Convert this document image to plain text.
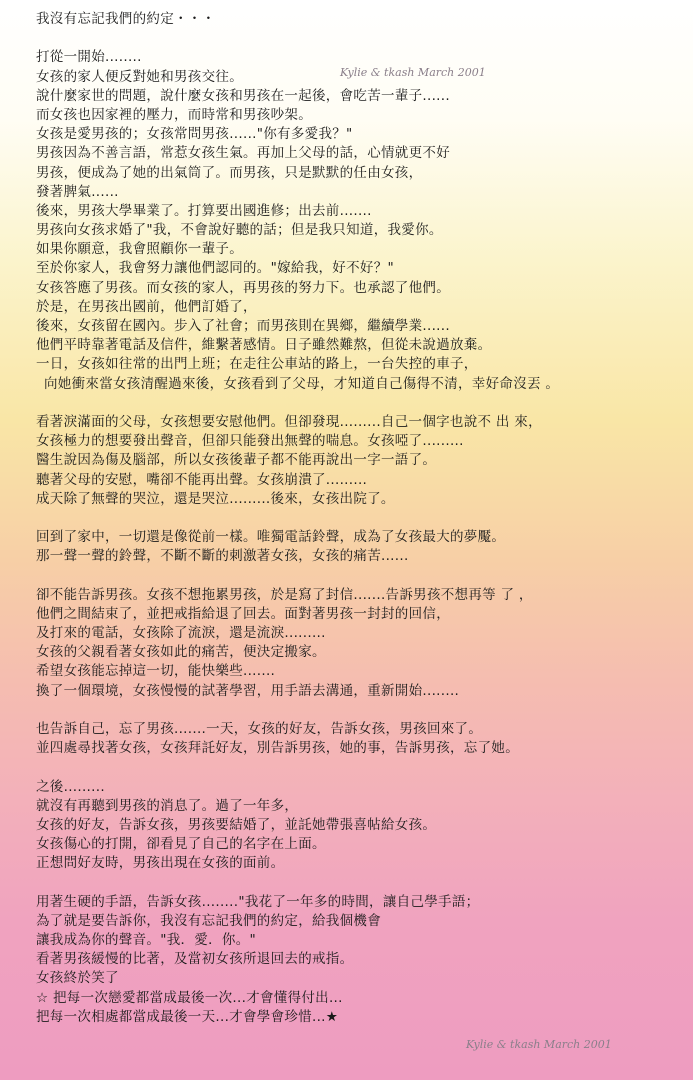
Kylie & tkash March 2001
Kylie & tkash March 2001
我沒有忘記我們的約定・・・
打從一開始........
女孩的家人便反對她和男孩交往。
說什麼家世的問題，說什麼女孩和男孩在一起後，會吃苦一輩子......
而女孩也因家裡的壓力，而時常和男孩吵架。
女孩是愛男孩的；女孩常問男孩......"你有多愛我？"
男孩因為不善言語，常惹女孩生氣。再加上父母的話，心情就更不好
男孩，便成為了她的出氣筒了。而男孩，只是默默的任由女孩，
發著脾氣......
後來，男孩大學畢業了。打算要出國進修；出去前.......
男孩向女孩求婚了"我，不會說好聽的話；但是我只知道，我愛你。
如果你願意，我會照顧你一輩子。
至於你家人，我會努力讓他們認同的。"嫁給我，好不好？"
女孩答應了男孩。而女孩的家人，再男孩的努力下。也承認了他們。
於是，在男孩出國前，他們訂婚了，
後來，女孩留在國內。步入了社會；而男孩則在異鄉，繼續學業......
他們平時靠著電話及信件，維繫著感情。日子雖然難熬，但從未說過放棄。
一日，女孩如往常的出門上班；在走往公車站的路上，一台失控的車子，
向她衝來當女孩清醒過來後，女孩看到了父母，才知道自己傷得不清，幸好命沒丟 。
看著淚滿面的父母，女孩想要安慰他們。但卻發現.........自己一個字也說不 出 來，
女孩極力的想要發出聲音，但卻只能發出無聲的喘息。女孩啞了.........
醫生說因為傷及腦部，所以女孩後輩子都不能再說出一字一語了。
聽著父母的安慰，嘴卻不能再出聲。女孩崩潰了.........
成天除了無聲的哭泣，還是哭泣.........後來，女孩出院了。
回到了家中，一切還是像從前一樣。唯獨電話鈴聲，成為了女孩最大的夢魘。
那一聲一聲的鈴聲，不斷不斷的刺激著女孩，女孩的痛苦......
卻不能告訴男孩。女孩不想拖累男孩，於是寫了封信.......告訴男孩不想再等 了 ，
他們之間結束了，並把戒指給退了回去。面對著男孩一封封的回信，
及打來的電話，女孩除了流淚，還是流淚.........
女孩的父親看著女孩如此的痛苦，便決定搬家。
希望女孩能忘掉這一切，能快樂些.......
換了一個環境，女孩慢慢的試著學習，用手語去溝通，重新開始........
也告訴自己，忘了男孩.......一天，女孩的好友，告訴女孩，男孩回來了。
並四處尋找著女孩，女孩拜託好友，別告訴男孩，她的事，告訴男孩，忘了她。
之後.........
就沒有再聽到男孩的消息了。過了一年多，
女孩的好友，告訴女孩，男孩要結婚了，並託她帶張喜帖給女孩。
女孩傷心的打開，卻看見了自己的名字在上面。
正想問好友時，男孩出現在女孩的面前。
用著生硬的手語，告訴女孩........"我花了一年多的時間，讓自己學手語；
為了就是要告訴你，我沒有忘記我們的約定，給我個機會
讓我成為你的聲音。"我．愛．你。"
看著男孩緩慢的比著，及當初女孩所退回去的戒指。
女孩終於笑了
☆ 把每一次戀愛都當成最後一次...才會懂得付出...
把每一次相處都當成最後一天...才會學會珍惜...★
